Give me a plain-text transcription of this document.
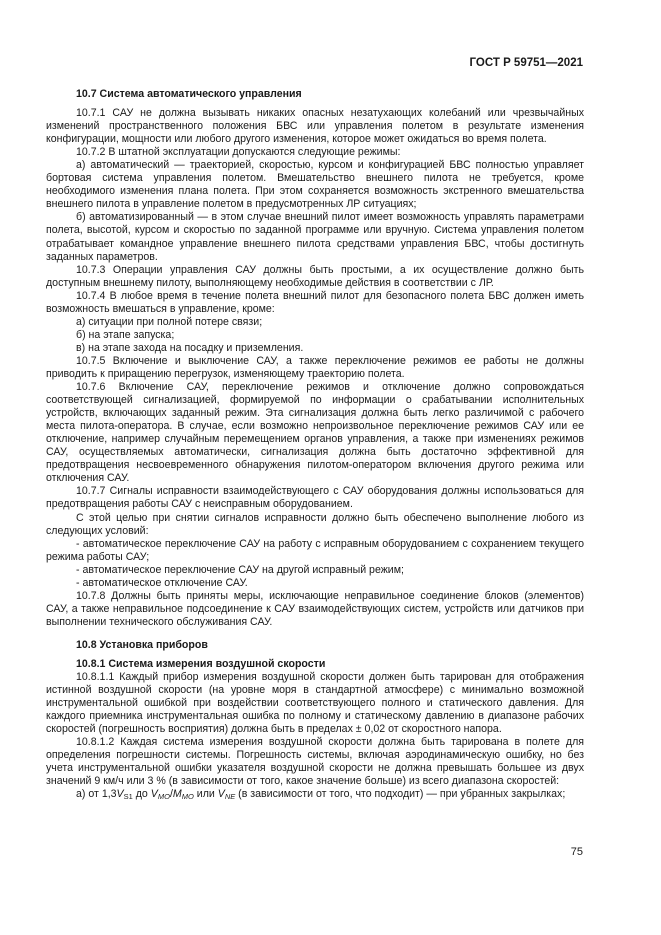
ГОСТ Р 59751—2021

10.7 Система автоматического управления

10.7.1 САУ не должна вызывать никаких опасных незатухающих колебаний или чрезвычайных изменений пространственного положения БВС или управления полетом в результате изменения конфигурации, мощности или любого другого изменения, которое может ожидаться во время полета.

10.7.2 В штатной эксплуатации допускаются следующие режимы:

а) автоматический — траекторией, скоростью, курсом и конфигурацией БВС полностью управляет бортовая система управления полетом. Вмешательство внешнего пилота не требуется, кроме необходимого изменения плана полета. При этом сохраняется возможность экстренного вмешательства внешнего пилота в управление полетом в предусмотренных ЛР ситуациях;

б) автоматизированный — в этом случае внешний пилот имеет возможность управлять параметрами полета, высотой, курсом и скоростью по заданной программе или вручную. Система управления полетом отрабатывает командное управление внешнего пилота средствами управления БВС, чтобы достигнуть заданных параметров.

10.7.3 Операции управления САУ должны быть простыми, а их осуществление должно быть доступным внешнему пилоту, выполняющему необходимые действия в соответствии с ЛР.

10.7.4 В любое время в течение полета внешний пилот для безопасного полета БВС должен иметь возможность вмешаться в управление, кроме:

а) ситуации при полной потере связи;

б) на этапе запуска;

в) на этапе захода на посадку и приземления.

10.7.5 Включение и выключение САУ, а также переключение режимов ее работы не должны приводить к приращению перегрузок, изменяющему траекторию полета.

10.7.6 Включение САУ, переключение режимов и отключение должно сопровождаться соответствующей сигнализацией, формируемой по информации о срабатывании исполнительных устройств, включающих заданный режим. Эта сигнализация должна быть легко различимой с рабочего места пилота-оператора. В случае, если возможно непроизвольное переключение режимов САУ или ее отключение, например случайным перемещением органов управления, а также при изменениях режимов САУ, осуществляемых автоматически, сигнализация должна быть достаточно эффективной для предотвращения несвоевременного обнаружения пилотом-оператором включения другого режима или отключения САУ.

10.7.7 Сигналы исправности взаимодействующего с САУ оборудования должны использоваться для предотвращения работы САУ с неисправным оборудованием.

С этой целью при снятии сигналов исправности должно быть обеспечено выполнение любого из следующих условий:

- автоматическое переключение САУ на работу с исправным оборудованием с сохранением текущего режима работы САУ;

- автоматическое переключение САУ на другой исправный режим;

- автоматическое отключение САУ.

10.7.8 Должны быть приняты меры, исключающие неправильное соединение блоков (элементов) САУ, а также неправильное подсоединение к САУ взаимодействующих систем, устройств или датчиков при выполнении технического обслуживания САУ.

10.8 Установка приборов

10.8.1 Система измерения воздушной скорости

10.8.1.1 Каждый прибор измерения воздушной скорости должен быть тарирован для отображения истинной воздушной скорости (на уровне моря в стандартной атмосфере) с минимально возможной инструментальной ошибкой при воздействии соответствующего полного и статического давления. Для каждого приемника инструментальная ошибка по полному и статическому давлению в диапазоне рабочих скоростей (погрешность восприятия) должна быть в пределах ± 0,02 от скоростного напора.

10.8.1.2 Каждая система измерения воздушной скорости должна быть тарирована в полете для определения погрешности системы. Погрешность системы, включая аэродинамическую ошибку, но без учета инструментальной ошибки указателя воздушной скорости не должна превышать большее из двух значений 9 км/ч или 3 % (в зависимости от того, какое значение больше) из всего диапазона скоростей:

а) от $1,3V_{S1}$ до $V_{MO}/M_{MO}$ или $V_{NE}$ (в зависимости от того, что подходит) — при убранных закрылках;

75
